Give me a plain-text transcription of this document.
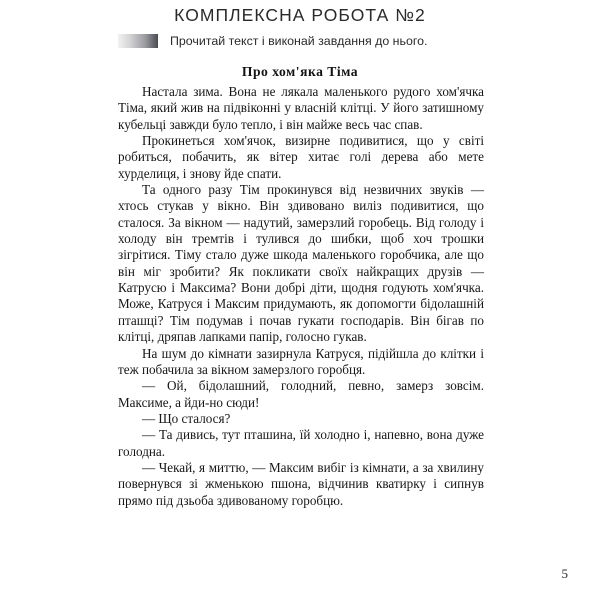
КОМПЛЕКСНА РОБОТА №2
Прочитай текст і виконай завдання до нього.
Про хом'яка Тіма

Настала зима. Вона не лякала маленького рудого хом'ячка Тіма, який жив на підвіконні у власній клітці. У його затишному кубельці завжди було тепло, і він майже весь час спав.

Прокинеться хом'ячок, визирне подивитися, що у світі робиться, побачить, як вітер хитає голі дерева або мете хурделиця, і знову йде спати.

Та одного разу Тім прокинувся від незвичних звуків — хтось стукав у вікно. Він здивовано виліз подивитися, що сталося. За вікном — надутий, замерзлий горобець. Від голоду і холоду він тремтів і тулився до шибки, щоб хоч трошки зігрітися. Тіму стало дуже шкода маленького горобчика, але що він міг зробити? Як покликати своїх найкращих друзів — Катрусю і Максима? Вони добрі діти, щодня годують хом'ячка. Може, Катруся і Максим придумають, як допомогти бідолашній пташці? Тім подумав і почав гукати господарів. Він бігав по клітці, дряпав лапками папір, голосно гукав.

На шум до кімнати зазирнула Катруся, підійшла до клітки і теж побачила за вікном замерзлого горобця.

— Ой, бідолашний, голодний, певно, замерз зовсім. Максиме, а йди-но сюди!

— Що сталося?

— Та дивись, тут пташина, їй холодно і, напевно, вона дуже голодна.

— Чекай, я миттю, — Максим вибіг із кімнати, а за хвилину повернувся зі жменькою пшона, відчинив кватирку і сипнув прямо під дзьоба здивованому горобцю.

5
